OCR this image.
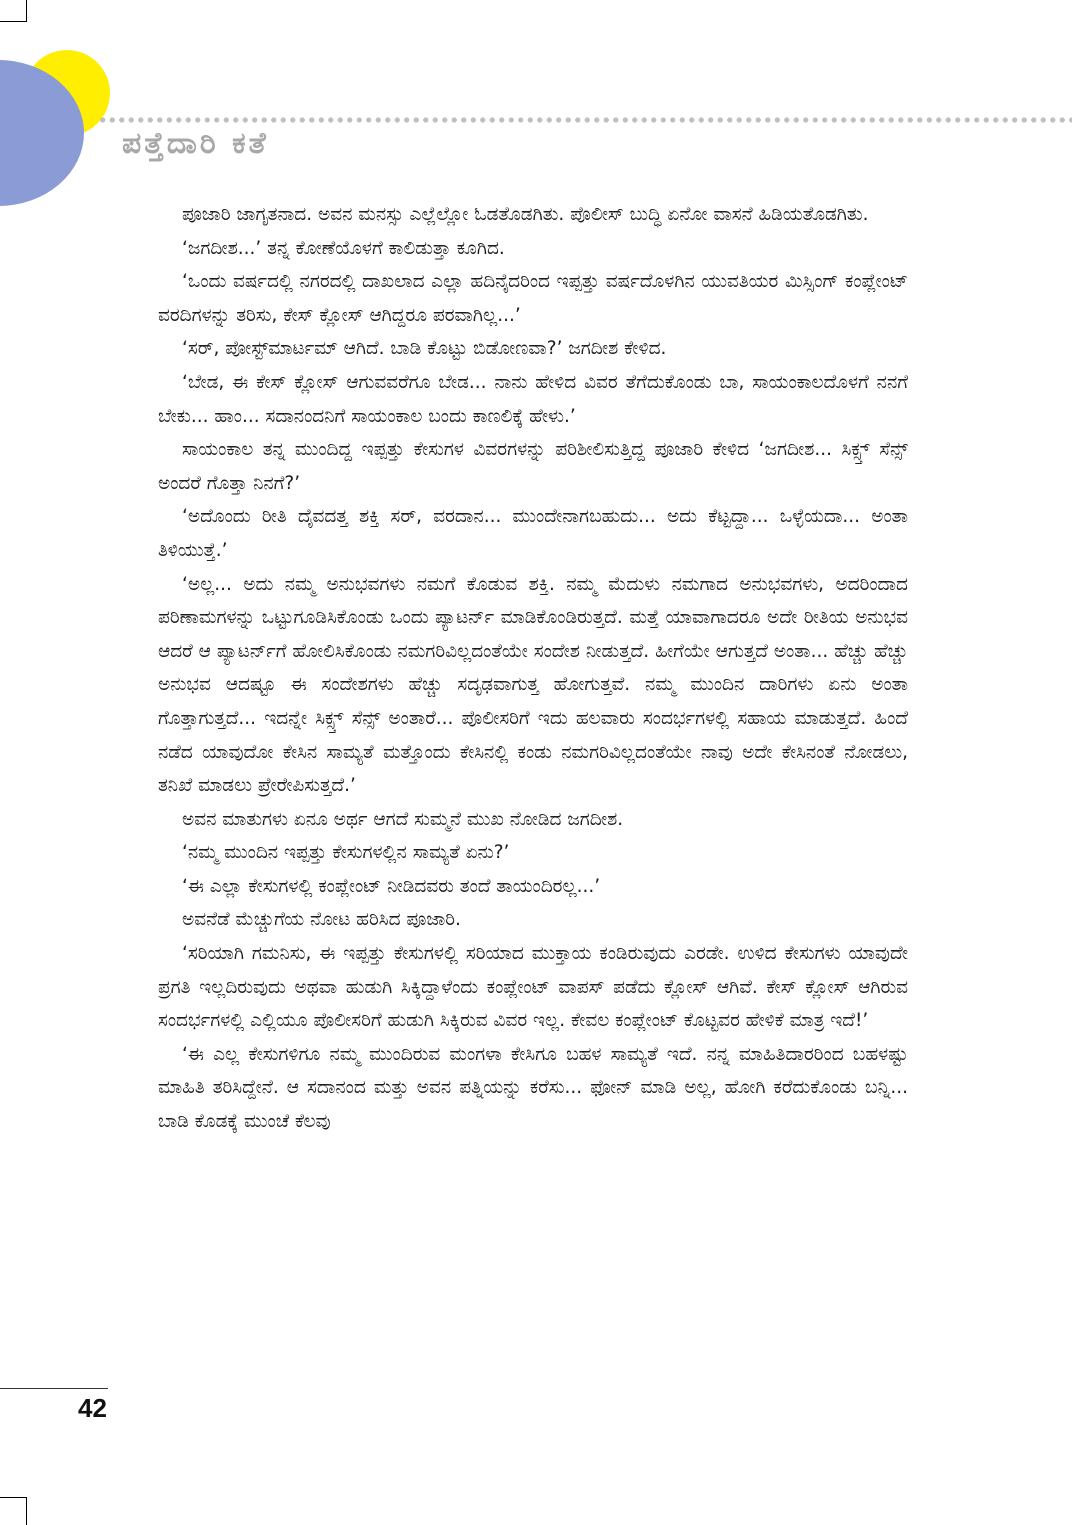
ಪತ್ತೆದಾರಿ ಕತೆ

ಪೂಜಾರಿ ಜಾಗೃತನಾದ. ಅವನ ಮನಸ್ಸು ಎಲ್ಲೆಲ್ಲೋ ಓಡತೊಡಗಿತು. ಪೊಲೀಸ್ ಬುದ್ಧಿ ಏನೋ ವಾಸನೆ ಹಿಡಿಯತೊಡಗಿತು.

‘ಜಗದೀಶ...’ ತನ್ನ ಕೋಣೆಯೊಳಗೆ ಕಾಲಿಡುತ್ತಾ ಕೂಗಿದ.

‘ಒಂದು ವರ್ಷದಲ್ಲಿ ನಗರದಲ್ಲಿ ದಾಖಲಾದ ಎಲ್ಲಾ ಹದಿನೈದರಿಂದ ಇಪ್ಪತ್ತು ವರ್ಷದೊಳಗಿನ ಯುವತಿಯರ ಮಿಸ್ಸಿಂಗ್ ಕಂಪ್ಲೇಂಟ್ ವರದಿಗಳನ್ನು ತರಿಸು, ಕೇಸ್ ಕ್ಲೋಸ್ ಆಗಿದ್ದರೂ ಪರವಾಗಿಲ್ಲ...’

‘ಸರ್, ಪೋಸ್ಟ್‌ಮಾರ್ಟಮ್ ಆಗಿದೆ. ಬಾಡಿ ಕೊಟ್ಟು ಬಿಡೋಣವಾ?’ ಜಗದೀಶ ಕೇಳಿದ.

‘ಬೇಡ, ಈ ಕೇಸ್ ಕ್ಲೋಸ್ ಆಗುವವರೆಗೂ ಬೇಡ... ನಾನು ಹೇಳಿದ ವಿವರ ತೆಗೆದುಕೊಂಡು ಬಾ, ಸಾಯಂಕಾಲದೊಳಗೆ ನನಗೆ ಬೇಕು... ಹಾಂ... ಸದಾನಂದನಿಗೆ ಸಾಯಂಕಾಲ ಬಂದು ಕಾಣಲಿಕ್ಕೆ ಹೇಳು.’

ಸಾಯಂಕಾಲ ತನ್ನ ಮುಂದಿದ್ದ ಇಪ್ಪತ್ತು ಕೇಸುಗಳ ವಿವರಗಳನ್ನು ಪರಿಶೀಲಿಸುತ್ತಿದ್ದ ಪೂಜಾರಿ ಕೇಳಿದ ‘ಜಗದೀಶ... ಸಿಕ್ಸ್ತ್ ಸೆನ್ಸ್ ಅಂದರೆ ಗೊತ್ತಾ ನಿನಗೆ?’

‘ಅದೊಂದು ರೀತಿ ದೈವದತ್ತ ಶಕ್ತಿ ಸರ್, ವರದಾನ... ಮುಂದೇನಾಗಬಹುದು... ಅದು ಕೆಟ್ಟದ್ದಾ... ಒಳ್ಳೆಯದಾ... ಅಂತಾ ತಿಳಿಯುತ್ತೆ.’

‘ಅಲ್ಲ... ಅದು ನಮ್ಮ ಅನುಭವಗಳು ನಮಗೆ ಕೊಡುವ ಶಕ್ತಿ. ನಮ್ಮ ಮೆದುಳು ನಮಗಾದ ಅನುಭವಗಳು, ಅದರಿಂದಾದ ಪರಿಣಾಮಗಳನ್ನು ಒಟ್ಟುಗೂಡಿಸಿಕೊಂಡು ಒಂದು ಪ್ಯಾಟರ್ನ್ ಮಾಡಿಕೊಂಡಿರುತ್ತದೆ. ಮತ್ತೆ ಯಾವಾಗಾದರೂ ಅದೇ ರೀತಿಯ ಅನುಭವ ಆದರೆ ಆ ಪ್ಯಾಟರ್ನ್‌ಗೆ ಹೋಲಿಸಿಕೊಂಡು ನಮಗರಿವಿಲ್ಲದಂತೆಯೇ ಸಂದೇಶ ನೀಡುತ್ತದೆ. ಹೀಗೆಯೇ ಆಗುತ್ತದೆ ಅಂತಾ... ಹೆಚ್ಚು ಹೆಚ್ಚು ಅನುಭವ ಆದಷ್ಟೂ ಈ ಸಂದೇಶಗಳು ಹೆಚ್ಚು ಸದೃಢವಾಗುತ್ತ ಹೋಗುತ್ತವೆ. ನಮ್ಮ ಮುಂದಿನ ದಾರಿಗಳು ಏನು ಅಂತಾ ಗೊತ್ತಾಗುತ್ತದೆ... ಇದನ್ನೇ ಸಿಕ್ಸ್ತ್ ಸೆನ್ಸ್ ಅಂತಾರೆ... ಪೊಲೀಸರಿಗೆ ಇದು ಹಲವಾರು ಸಂದರ್ಭಗಳಲ್ಲಿ ಸಹಾಯ ಮಾಡುತ್ತದೆ. ಹಿಂದೆ ನಡೆದ ಯಾವುದೋ ಕೇಸಿನ ಸಾಮ್ಯತೆ ಮತ್ತೊಂದು ಕೇಸಿನಲ್ಲಿ ಕಂಡು ನಮಗರಿವಿಲ್ಲದಂತೆಯೇ ನಾವು ಅದೇ ಕೇಸಿನಂತೆ ನೋಡಲು, ತನಿಖೆ ಮಾಡಲು ಪ್ರೇರೇಪಿಸುತ್ತದೆ.’

ಅವನ ಮಾತುಗಳು ಏನೂ ಅರ್ಥ ಆಗದೆ ಸುಮ್ಮನೆ ಮುಖ ನೋಡಿದ ಜಗದೀಶ.

‘ನಮ್ಮ ಮುಂದಿನ ಇಪ್ಪತ್ತು ಕೇಸುಗಳಲ್ಲಿನ ಸಾಮ್ಯತೆ ಏನು?’

‘ಈ ಎಲ್ಲಾ ಕೇಸುಗಳಲ್ಲಿ ಕಂಪ್ಲೇಂಟ್ ನೀಡಿದವರು ತಂದೆ ತಾಯಂದಿರಲ್ಲ...’

ಅವನೆಡೆ ಮೆಚ್ಚುಗೆಯ ನೋಟ ಹರಿಸಿದ ಪೂಜಾರಿ.

‘ಸರಿಯಾಗಿ ಗಮನಿಸು, ಈ ಇಪ್ಪತ್ತು ಕೇಸುಗಳಲ್ಲಿ ಸರಿಯಾದ ಮುಕ್ತಾಯ ಕಂಡಿರುವುದು ಎರಡೇ. ಉಳಿದ ಕೇಸುಗಳು ಯಾವುದೇ ಪ್ರಗತಿ ಇಲ್ಲದಿರುವುದು ಅಥವಾ ಹುಡುಗಿ ಸಿಕ್ಕಿದ್ದಾಳೆಂದು ಕಂಪ್ಲೇಂಟ್ ವಾಪಸ್ ಪಡೆದು ಕ್ಲೋಸ್ ಆಗಿವೆ. ಕೇಸ್ ಕ್ಲೋಸ್ ಆಗಿರುವ ಸಂದರ್ಭಗಳಲ್ಲಿ ಎಲ್ಲಿಯೂ ಪೊಲೀಸರಿಗೆ ಹುಡುಗಿ ಸಿಕ್ಕಿರುವ ವಿವರ ಇಲ್ಲ. ಕೇವಲ ಕಂಪ್ಲೇಂಟ್ ಕೊಟ್ಟವರ ಹೇಳಿಕೆ ಮಾತ್ರ ಇದೆ!’

‘ಈ ಎಲ್ಲ ಕೇಸುಗಳಿಗೂ ನಮ್ಮ ಮುಂದಿರುವ ಮಂಗಳಾ ಕೇಸಿಗೂ ಬಹಳ ಸಾಮ್ಯತೆ ಇದೆ. ನನ್ನ ಮಾಹಿತಿದಾರರಿಂದ ಬಹಳಷ್ಟು ಮಾಹಿತಿ ತರಿಸಿದ್ದೇನೆ. ಆ ಸದಾನಂದ ಮತ್ತು ಅವನ ಪತ್ನಿಯನ್ನು ಕರೆಸು... ಫೋನ್ ಮಾಡಿ ಅಲ್ಲ, ಹೋಗಿ ಕರೆದುಕೊಂಡು ಬನ್ನಿ... ಬಾಡಿ ಕೊಡಕ್ಕೆ ಮುಂಚೆ ಕೆಲವು

42
